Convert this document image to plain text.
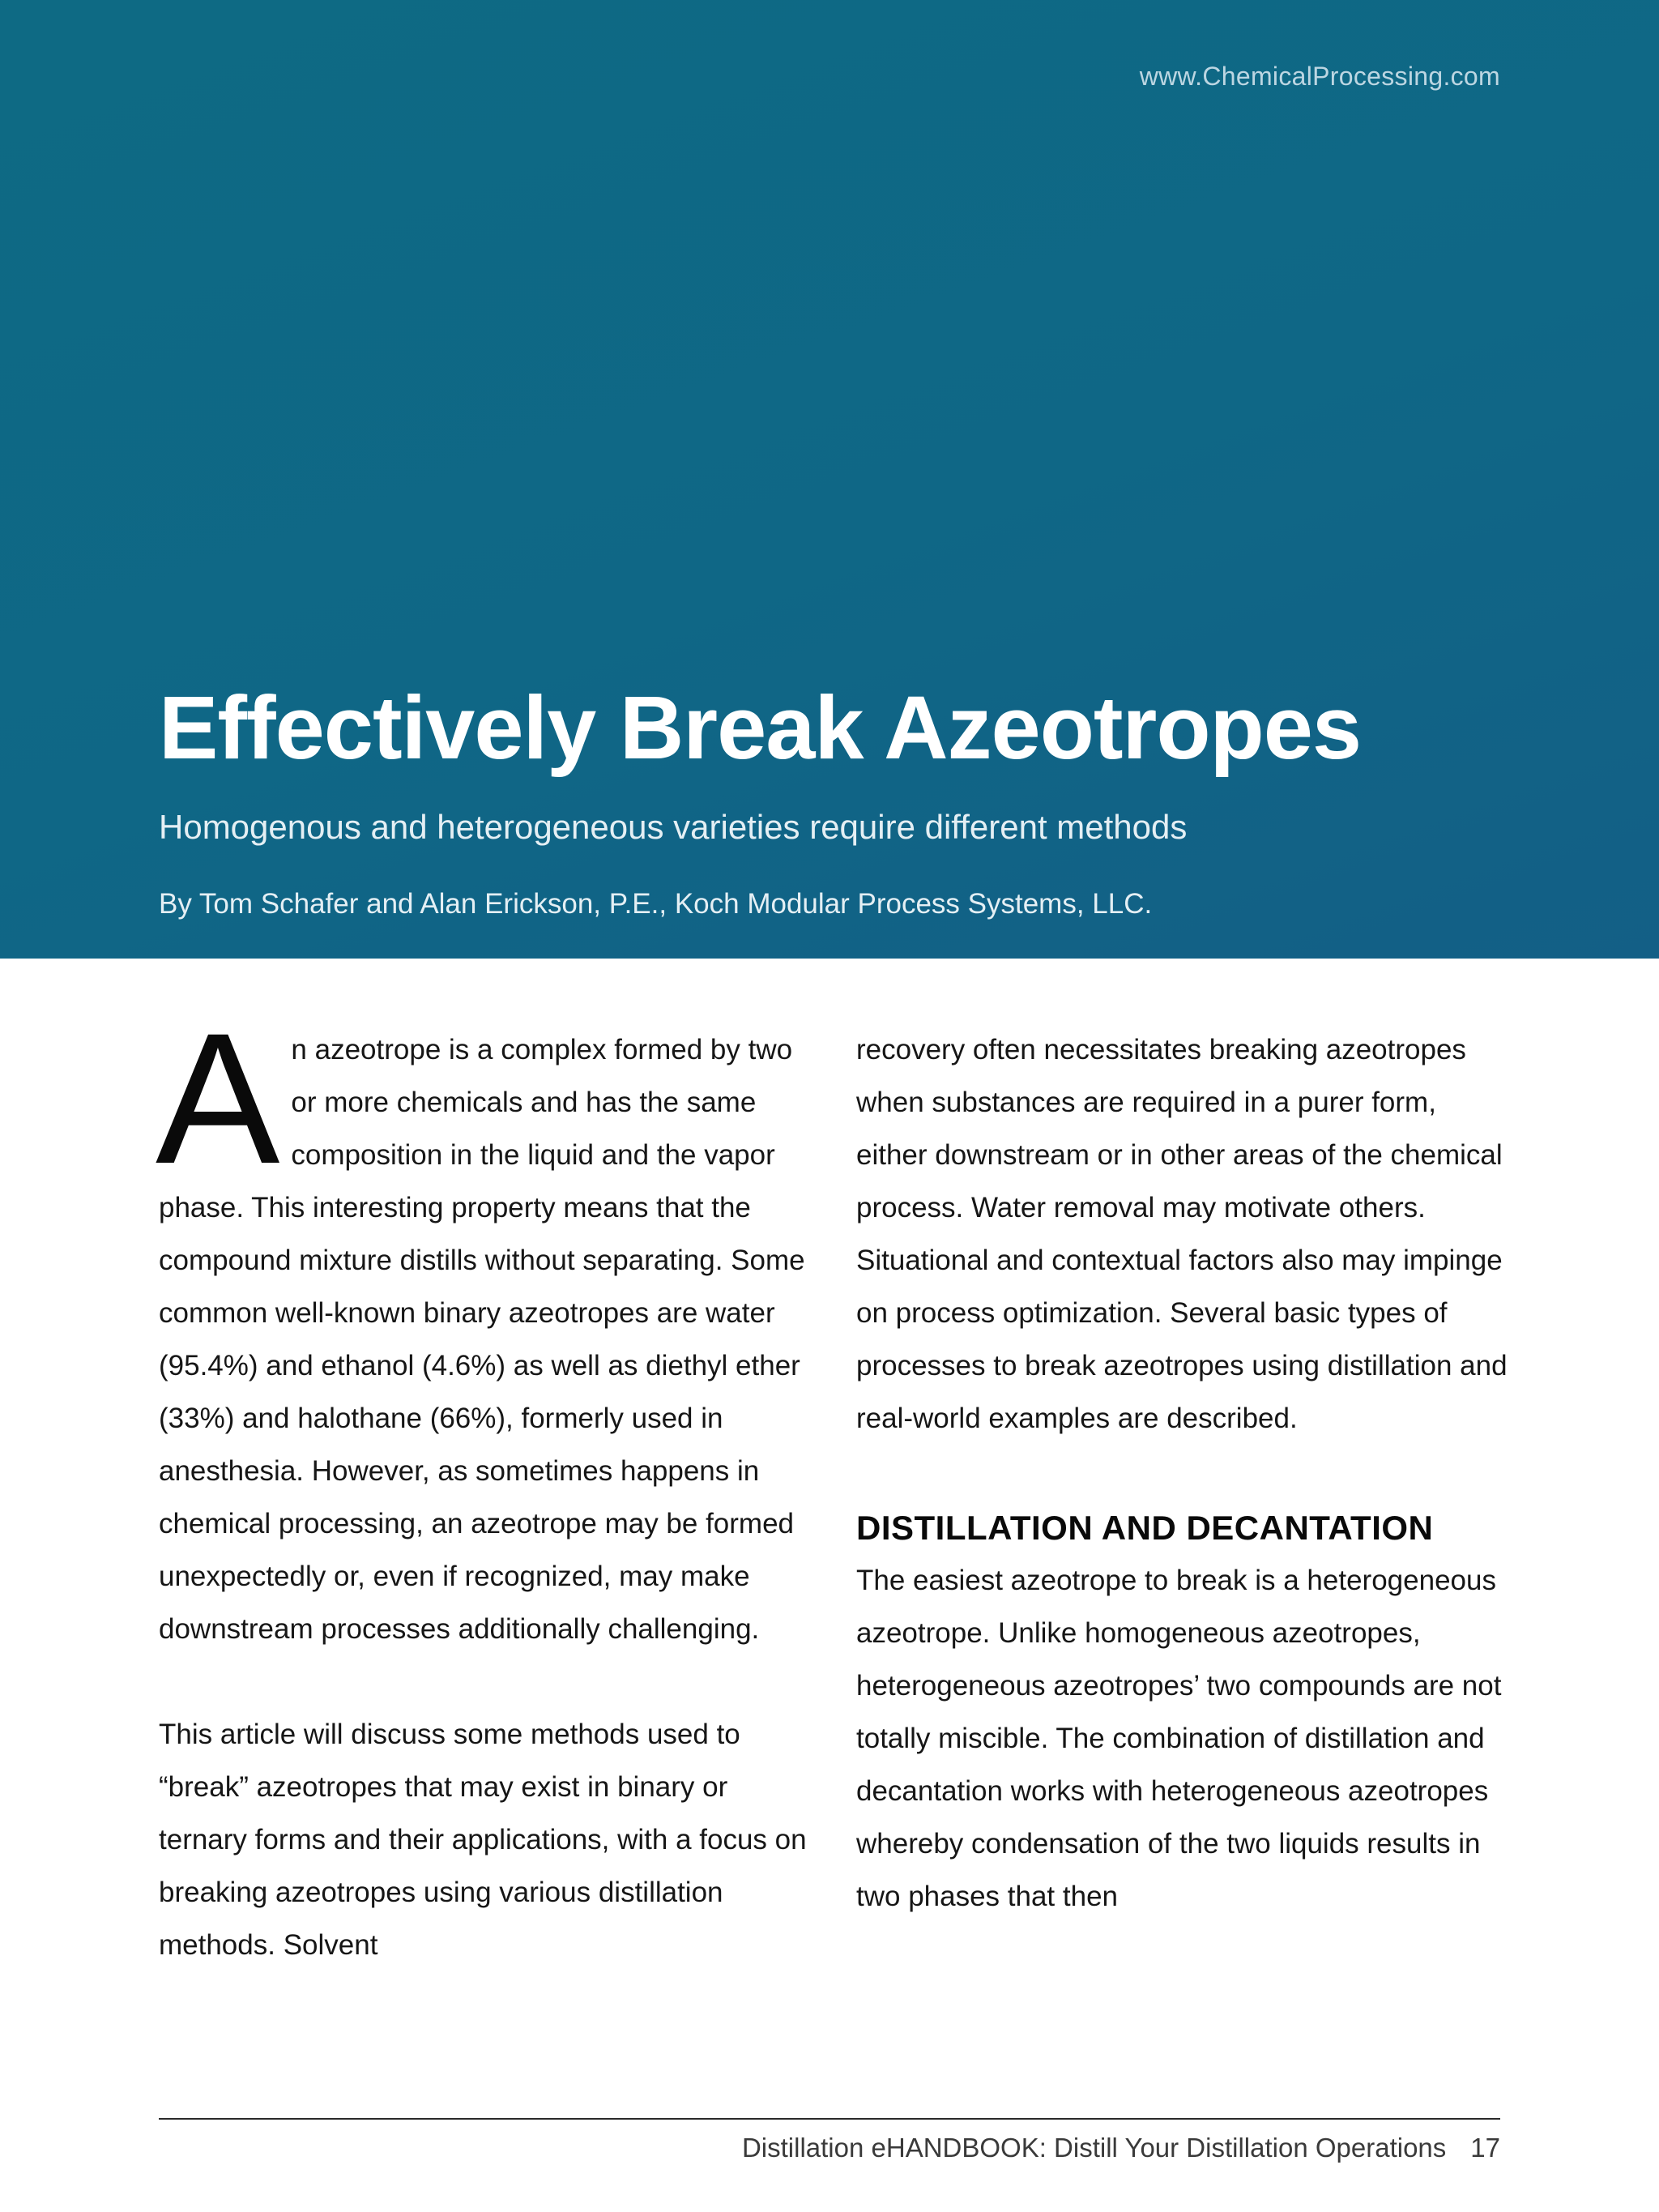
www.ChemicalProcessing.com
Effectively Break Azeotropes
Homogenous and heterogeneous varieties require different methods
By Tom Schafer and Alan Erickson, P.E., Koch Modular Process Systems, LLC.

An azeotrope is a complex formed by two or more chemicals and has the same composition in the liquid and the vapor phase. This interesting property means that the compound mixture distills without separating. Some common well-known binary azeotropes are water (95.4%) and ethanol (4.6%) as well as diethyl ether (33%) and halothane (66%), formerly used in anesthesia. However, as sometimes happens in chemical processing, an azeotrope may be formed unexpectedly or, even if recognized, may make downstream processes additionally challenging.

This article will discuss some methods used to “break” azeotropes that may exist in binary or ternary forms and their applications, with a focus on breaking azeotropes using various distillation methods. Solvent

recovery often necessitates breaking azeotropes when substances are required in a purer form, either downstream or in other areas of the chemical process. Water removal may motivate others. Situational and contextual factors also may impinge on process optimization. Several basic types of processes to break azeotropes using distillation and real-world examples are described.

DISTILLATION AND DECANTATION

The easiest azeotrope to break is a heterogeneous azeotrope. Unlike homogeneous azeotropes, heterogeneous azeotropes’ two compounds are not totally miscible. The combination of distillation and decantation works with heterogeneous azeotropes whereby condensation of the two liquids results in two phases that then

Distillation eHANDBOOK: Distill Your Distillation Operations 17
